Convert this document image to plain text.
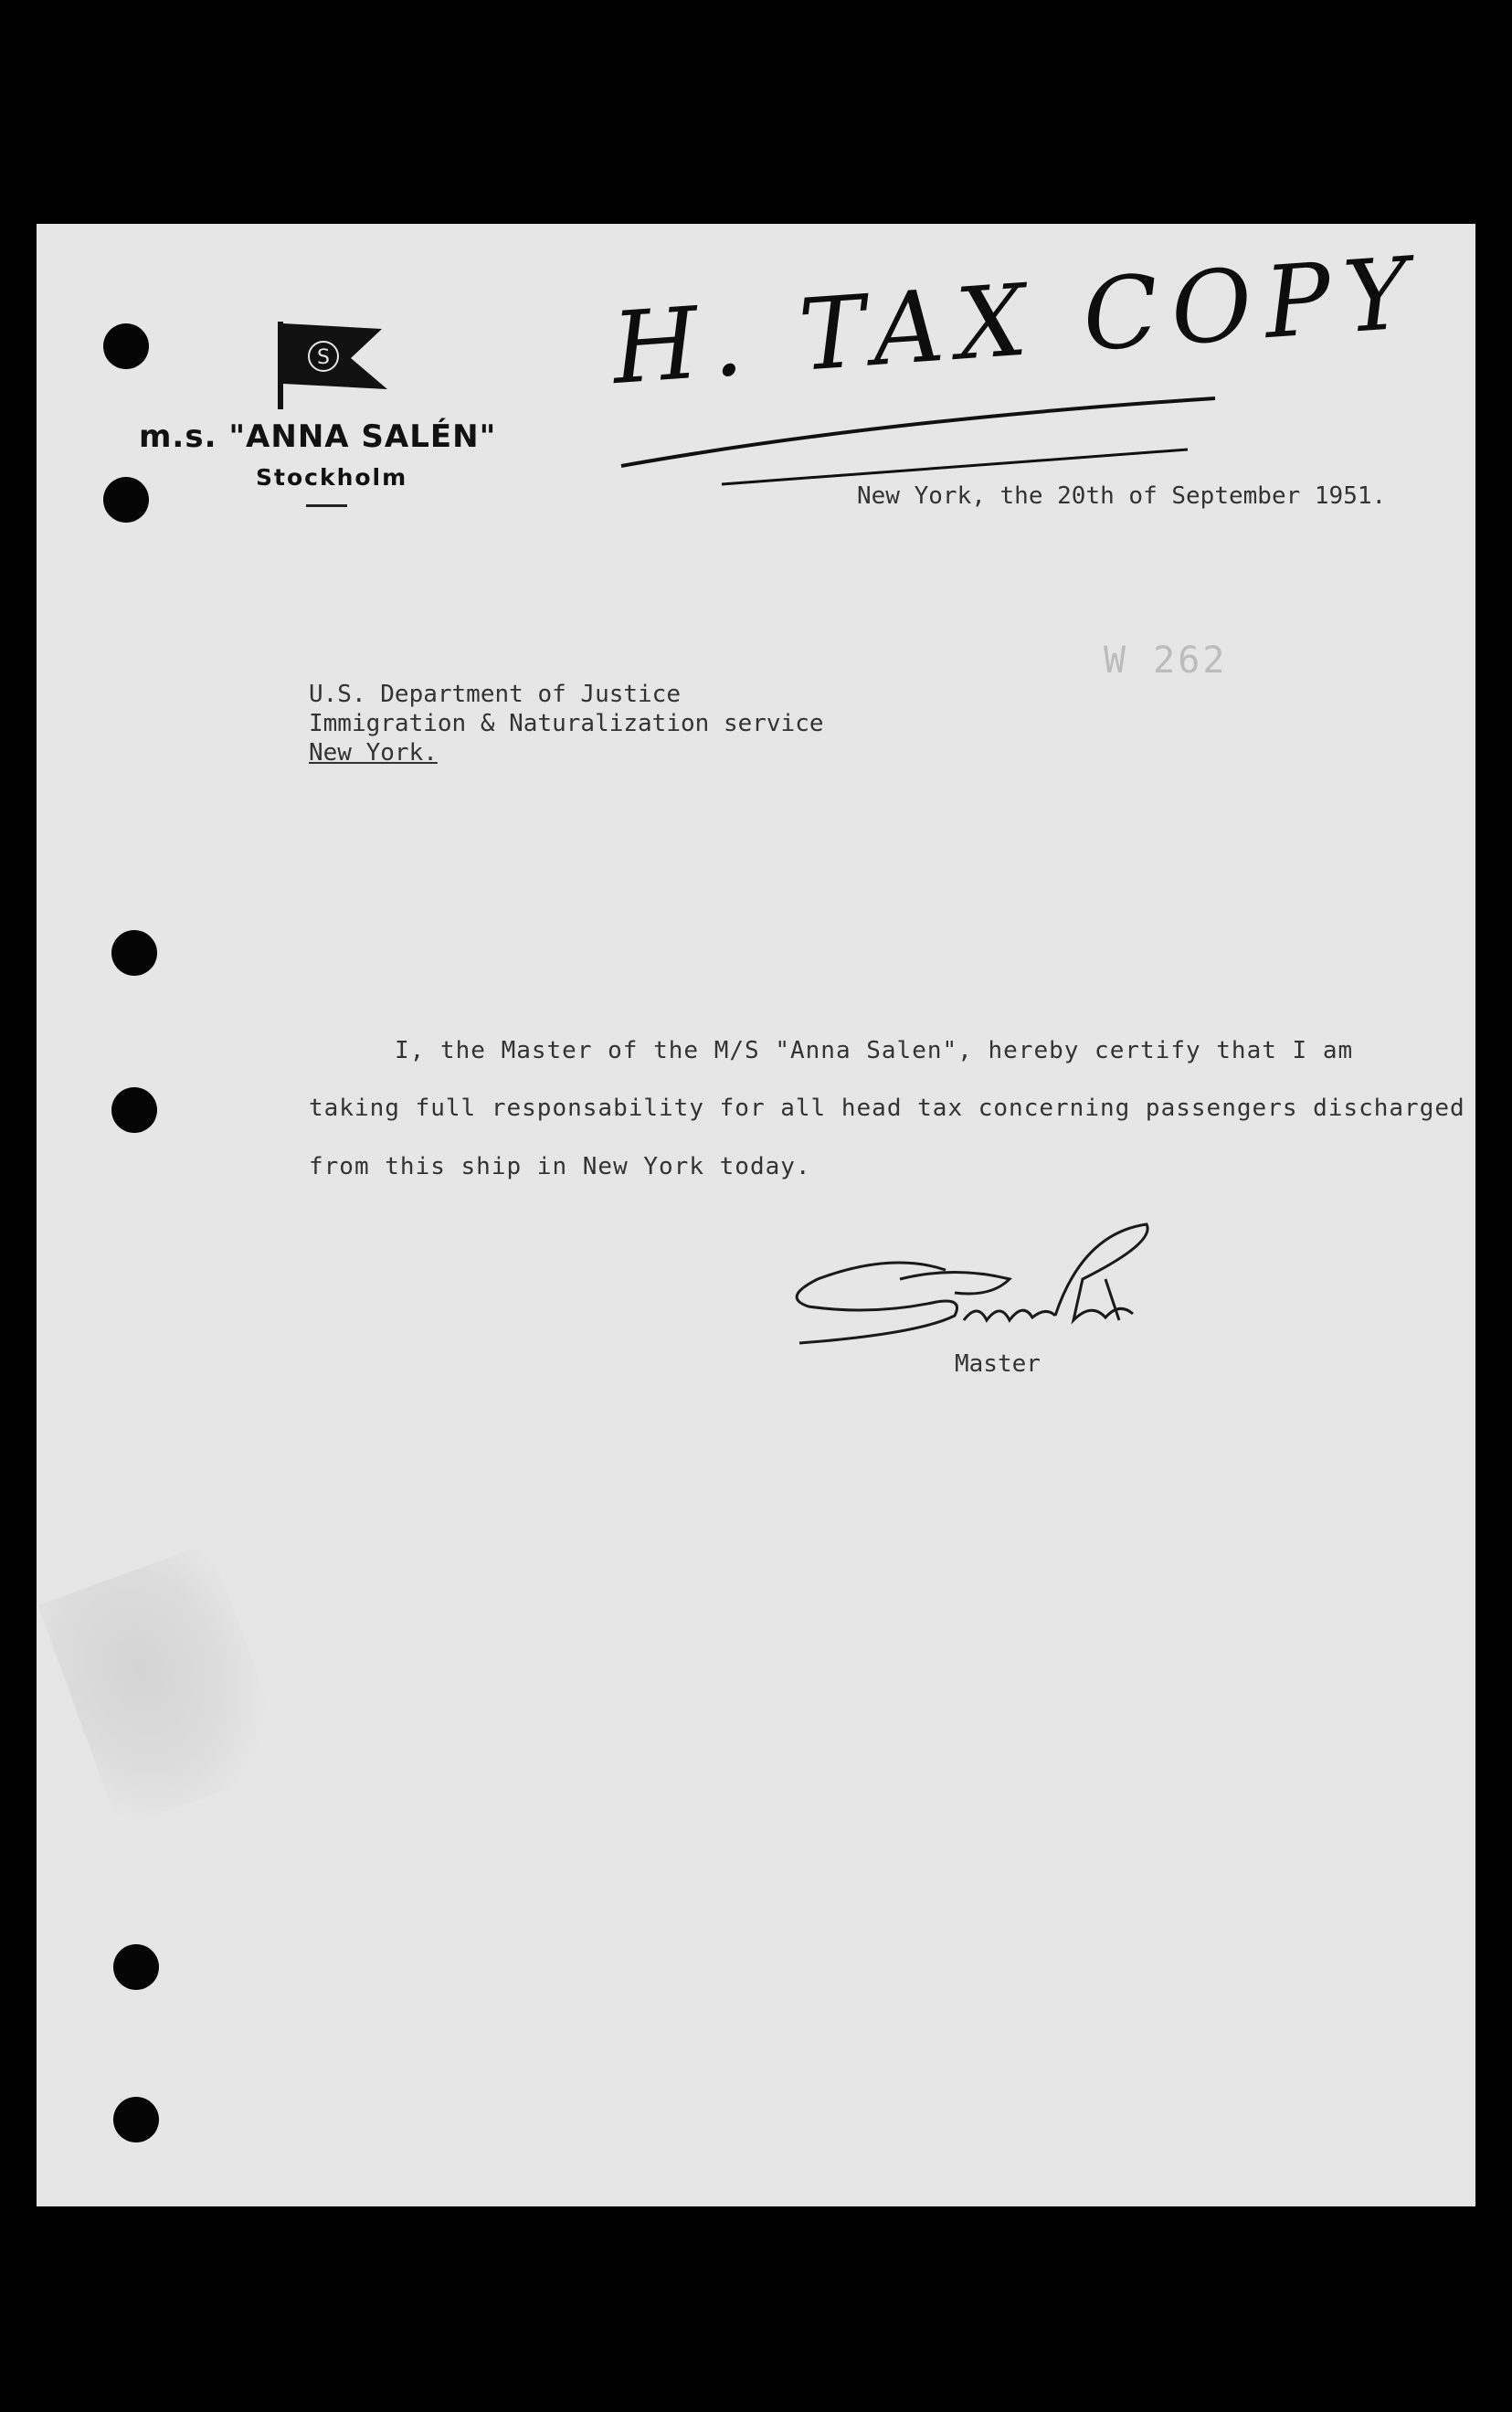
S
m.s. "ANNA SALÉN"
Stockholm
H. TAX COPY
New York, the 20th of September 1951.
W 262
U.S. Department of Justice
Immigration & Naturalization service
New York.
I, the Master of the M/S "Anna Salen", hereby certify that I am
taking full responsability for all head tax concerning passengers discharged
from this ship in New York today.
Master
